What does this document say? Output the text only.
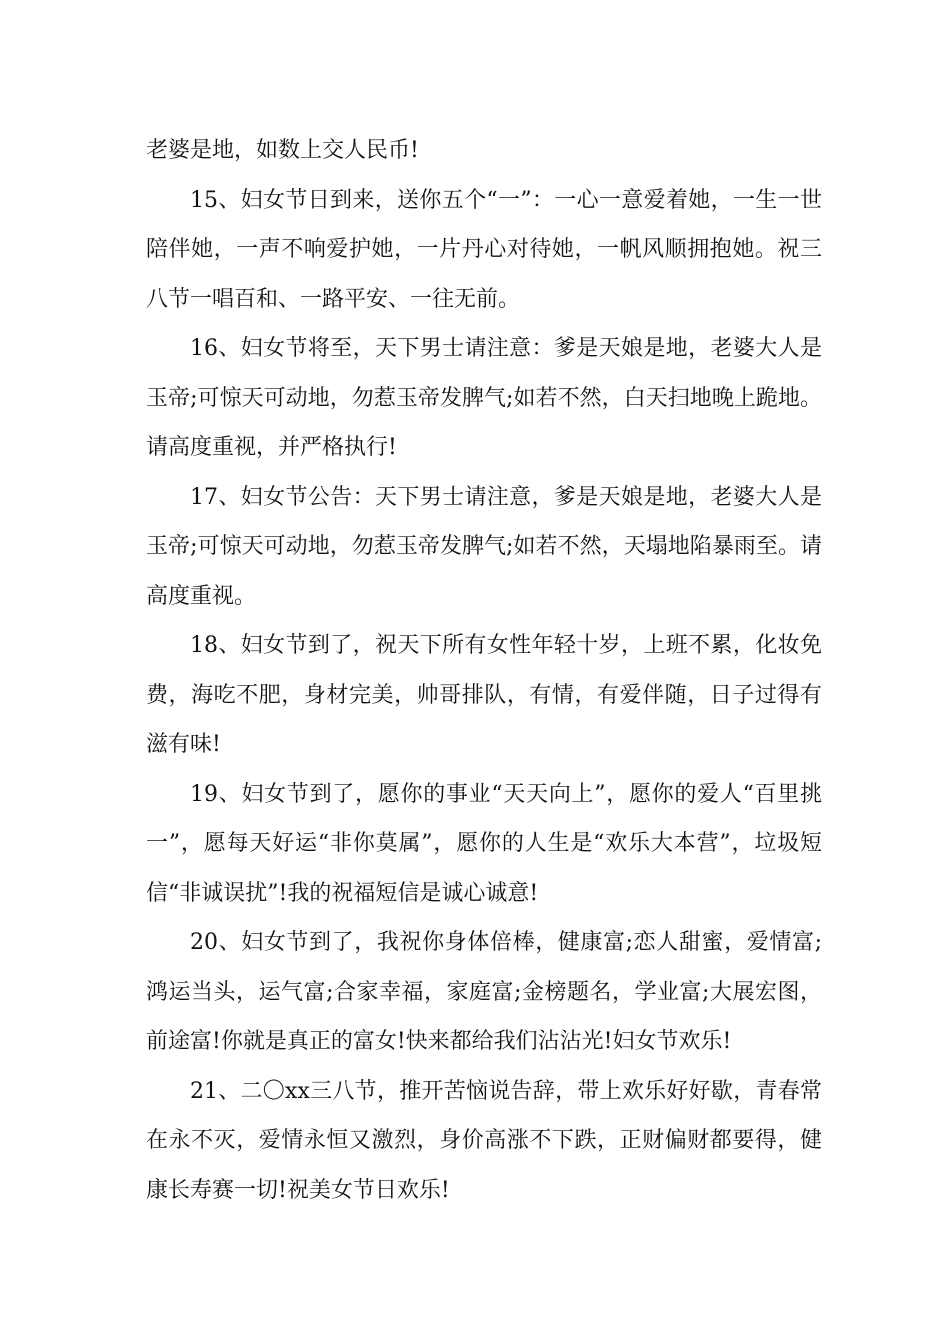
老婆是地，如数上交人民币!

15、妇女节日到来，送你五个“一”：一心一意爱着她，一生一世陪伴她，一声不响爱护她，一片丹心对待她，一帆风顺拥抱她。祝三八节一唱百和、一路平安、一往无前。

16、妇女节将至，天下男士请注意：爹是天娘是地，老婆大人是玉帝;可惊天可动地，勿惹玉帝发脾气;如若不然，白天扫地晚上跪地。请高度重视，并严格执行!

17、妇女节公告：天下男士请注意，爹是天娘是地，老婆大人是玉帝;可惊天可动地，勿惹玉帝发脾气;如若不然，天塌地陷暴雨至。请高度重视。

18、妇女节到了，祝天下所有女性年轻十岁，上班不累，化妆免费，海吃不肥，身材完美，帅哥排队，有情，有爱伴随，日子过得有滋有味!

19、妇女节到了，愿你的事业“天天向上”，愿你的爱人“百里挑一”，愿每天好运“非你莫属”，愿你的人生是“欢乐大本营”，垃圾短信“非诚误扰”!我的祝福短信是诚心诚意!

20、妇女节到了，我祝你身体倍棒，健康富;恋人甜蜜，爱情富;鸿运当头，运气富;合家幸福，家庭富;金榜题名，学业富;大展宏图，前途富!你就是真正的富女!快来都给我们沾沾光!妇女节欢乐!

21、二〇xx三八节，推开苦恼说告辞，带上欢乐好好歇，青春常在永不灭，爱情永恒又激烈，身价高涨不下跌，正财偏财都要得，健康长寿赛一切!祝美女节日欢乐!
